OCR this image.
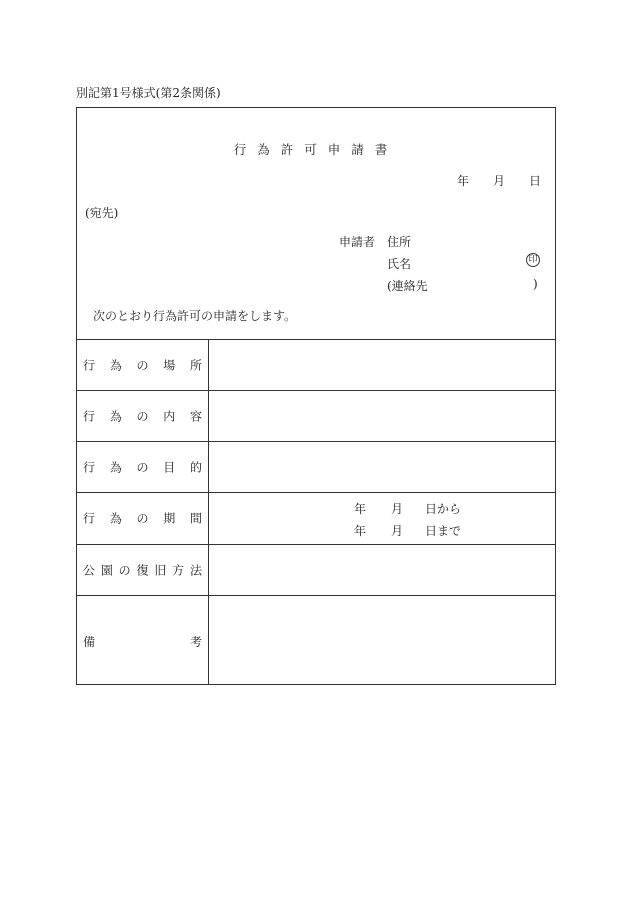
別記第1号様式(第2条関係)
行為許可申請書
年 月 日
(宛先)
申請者 住所
氏名	印
(連絡先	)
次のとおり行為許可の申請をします。
行 為 の 場 所
行 為 の 内 容
行 為 の 目 的
行 為 の 期 間
年 月 日から
年 月 日まで
公 園 の 復 旧 方 法
備	考
